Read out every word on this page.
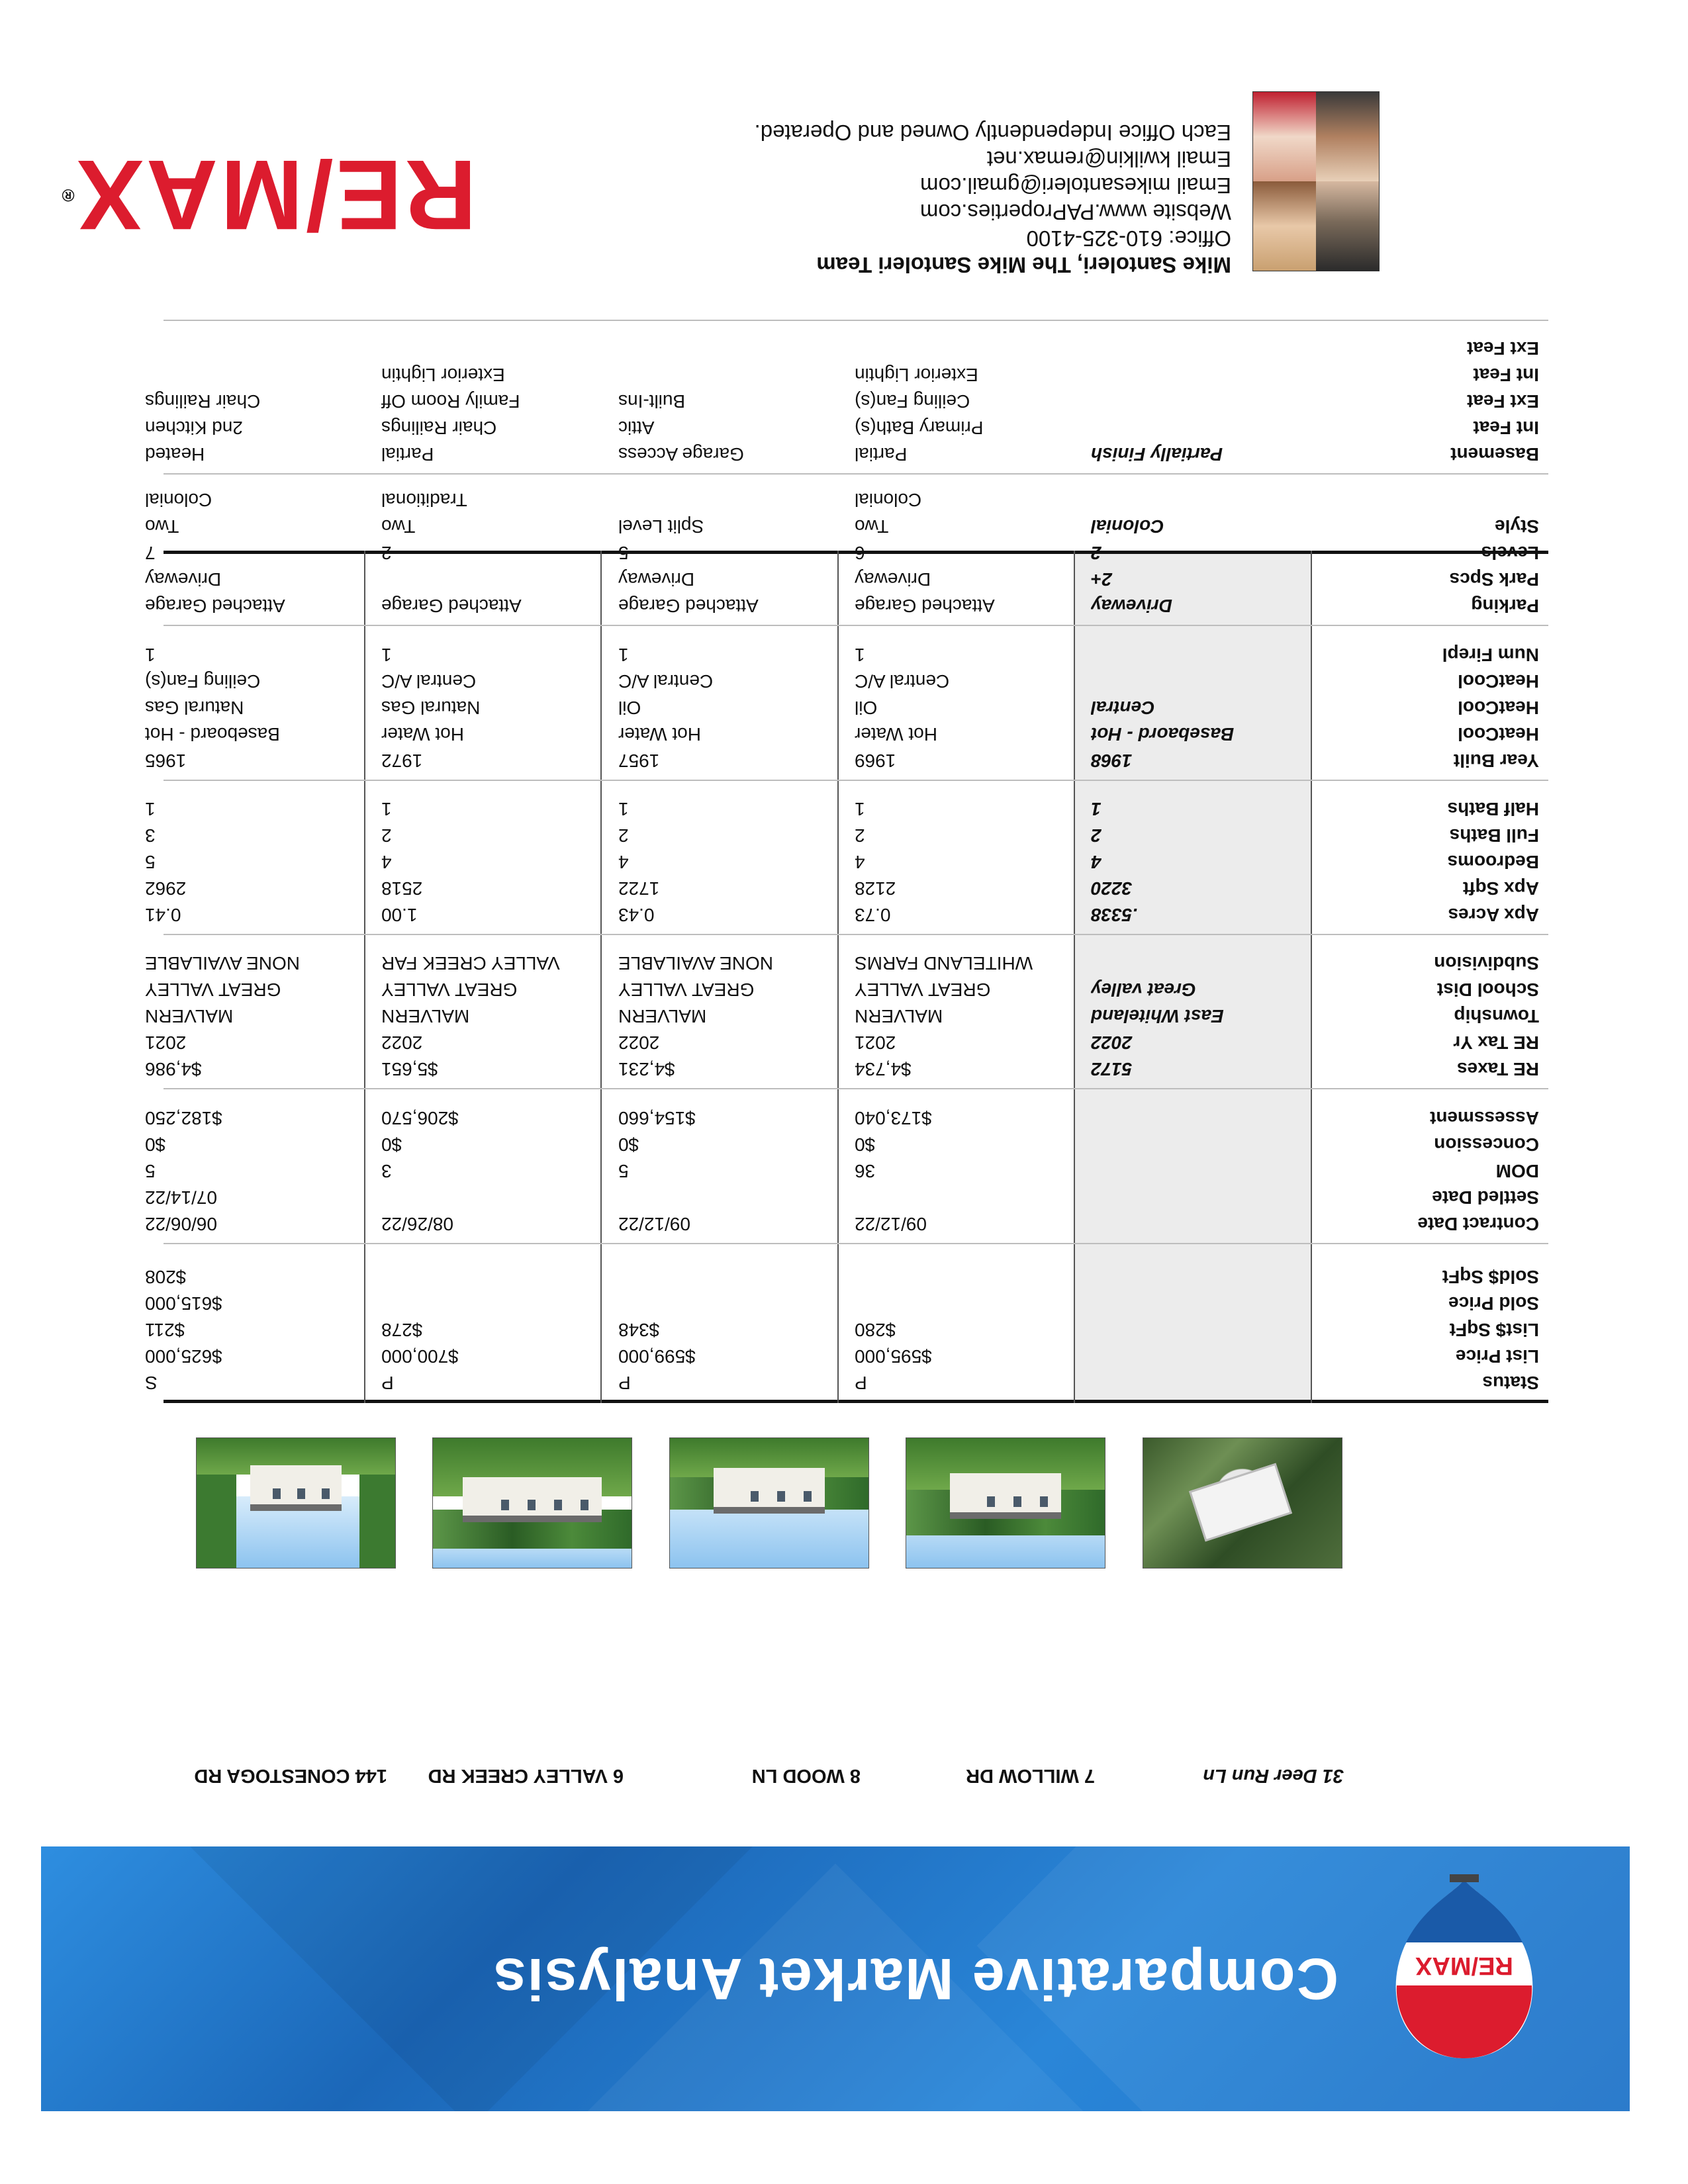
RE/MAX
Comparative Market Analysis
31 Deer Run Ln
7 WILLOW DR
8 WOOD LN
6 VALLEY CREEK RD
144 CONESTOGA RD
Status
List Price
List$ SqFt
Sold Price
Sold$ SqFt
P
$595,000
$280
P
$599,000
$348
P
$700,000
$278
S
$625,000
$211
$615,000
$208
Contract Date
Settled Date
DOM
Concession
Assessment
09/12/22
36
$0
$173,040
09/12/22
5
$0
$154,660
08/26/22
3
$0
$206,570
06/06/22
07/14/22
5
$0
$182,250
RE Taxes
RE Tax Yr
Township
School Dist
Subdivision
5172
2022
East Whiteland
Great valley
$4,734
2021
MALVERN
GREAT VALLEY
WHITELAND FARMS
$4,231
2022
MALVERN
GREAT VALLEY
NONE AVAILABLE
$5,651
2022
MALVERN
GREAT VALLEY
VALLEY CREEK FAR
$4,986
2021
MALVERN
GREAT VALLEY
NONE AVAILABLE
Apx Acres
Apx Sqft
Bedrooms
Full Baths
Half Baths
.5338
3220
4
2
1
0.73
2128
4
2
1
0.43
1722
4
2
1
1.00
2518
4
2
1
0.41
2962
5
3
1
Year Built
HeatCool
HeatCool
HeatCool
Num Firepl
1968
Basebaord - Hot
Central
1969
Hot Water
Oil
Central A/C
1
1957
Hot Water
Oil
Central A/C
1
1972
Hot Water
Natural Gas
Central A/C
1
1965
Baseboard - Hot
Natural Gas
Ceiling Fan(s)
1
Parking
Park Spcs
Levels
Style
Driveway
2+
2
Colonial
Attached Garage
Driveway
6
Two
Colonial
Attached Garage
Driveway
5
Split Level
Attached Garage
2
Two
Traditional
Attached Garage
Driveway
7
Two
Colonial
Basement
Int Feat
Ext Feat
Int Feat
Ext Feat
Partially Finish
Partial
Primary Bath(s)
Ceiling Fan(s)
Exterior Lightin
Garage Access
Attic
Built-Ins
Partial
Chair Railings
Family Room Off
Exterior Lightin
Heated
2nd Kitchen
Chair Railings
Mike Santoleri, The Mike Santoleri Team
Office: 610-325-4100
Website www.PAProperties.com
Email mikesantoleri@gmail.com
Email kwilkin@remax.net
Each Office Independently Owned and Operated.
RE/MAX®
